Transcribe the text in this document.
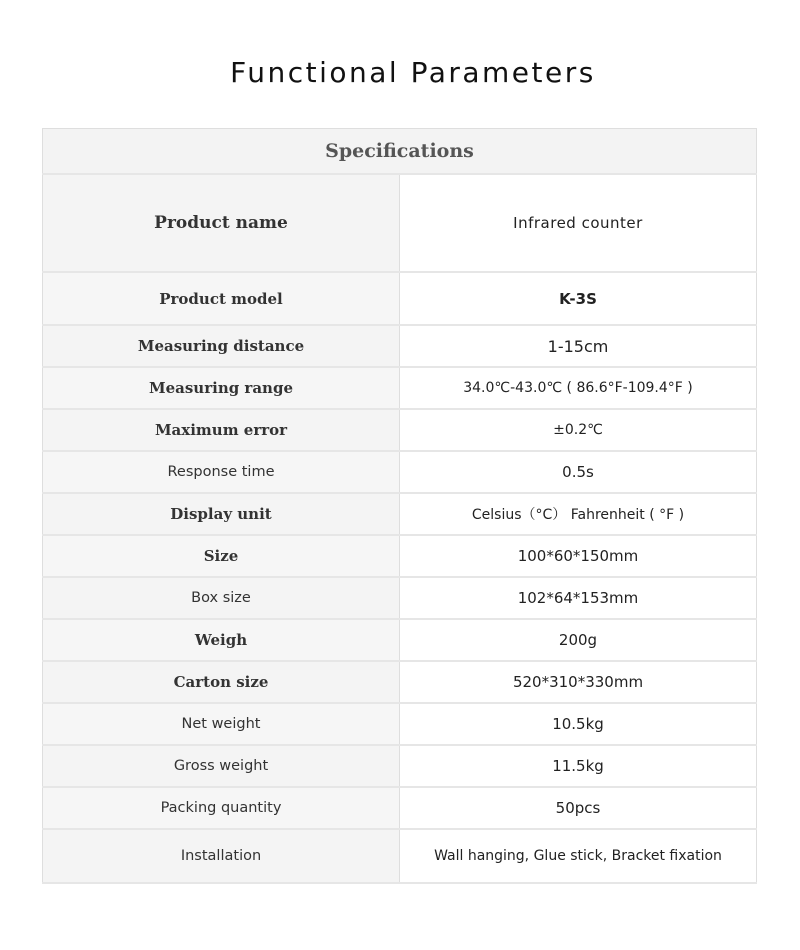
Functional Parameters
Specifications	
Product name	Infrared counter
Product model	K-3S
Measuring distance	1-15cm
Measuring range	34.0℃-43.0℃ ( 86.6°F-109.4°F )
Maximum error	±0.2℃
Response time	0.5s
Display unit	Celsius（°C） Fahrenheit ( °F )
Size	100*60*150mm
Box size	102*64*153mm
Weigh	200g
Carton size	520*310*330mm
Net weight	10.5kg
Gross weight	11.5kg
Packing quantity	50pcs
Installation	Wall hanging, Glue stick, Bracket fixation
